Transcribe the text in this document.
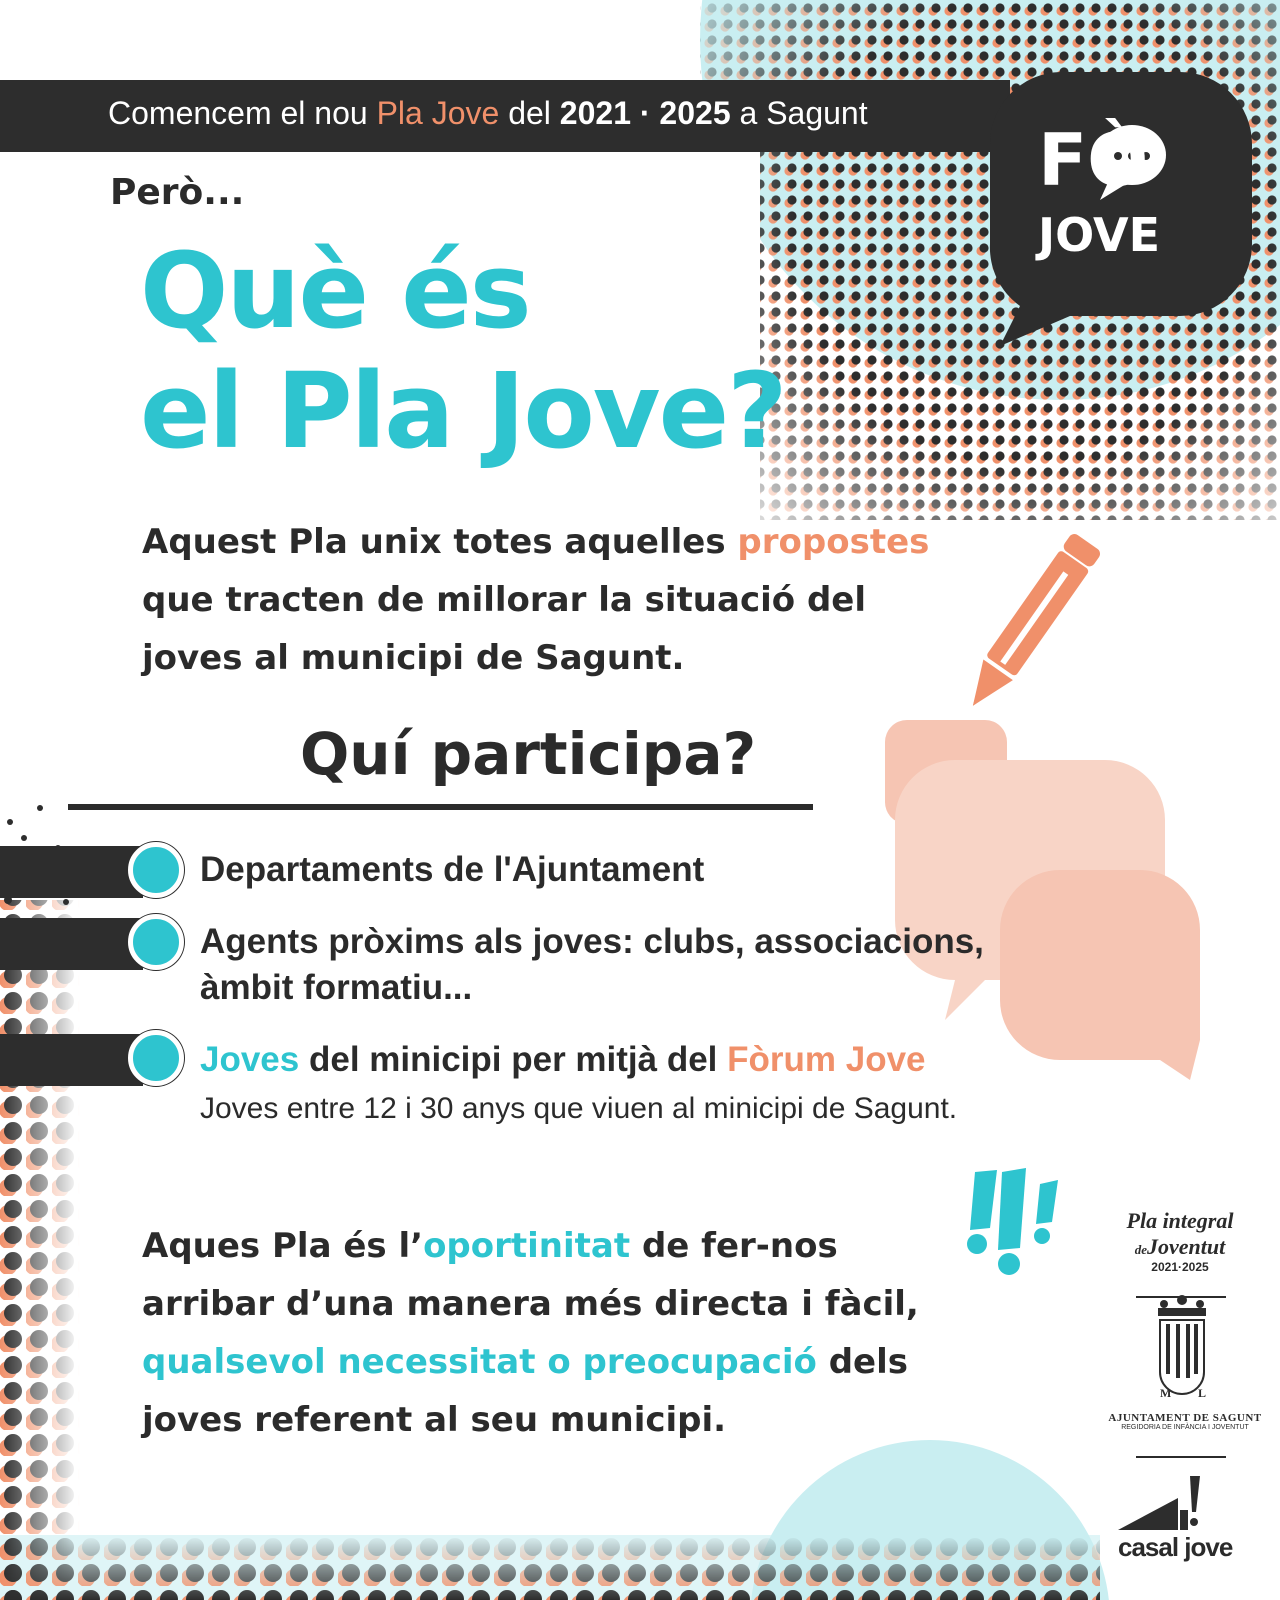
Comencem el nou Pla Jove del 2021 · 2025 a Sagunt
FÒ
JOVE
Però...
Què és
el Pla Jove?
Aquest Pla unix totes aquelles propostes
que tracten de millorar la situació del
joves al municipi de Sagunt.
Quí participa?
Departaments de l'Ajuntament
Agents pròxims als joves: clubs, associacions,
àmbit formatiu...
Joves del minicipi per mitjà del Fòrum Jove
Joves entre 12 i 30 anys que viuen al minicipi de Sagunt.
Aques Pla és l’oportinitat de fer-nos
arribar d’una manera més directa i fàcil,
qualsevol necessitat o preocupació dels
joves referent al seu municipi.
Pla integral
deJoventut
2021·2025
M L
AJUNTAMENT DE SAGUNT
REGIDORIA DE INFÀNCIA I JOVENTUT
casal jove
